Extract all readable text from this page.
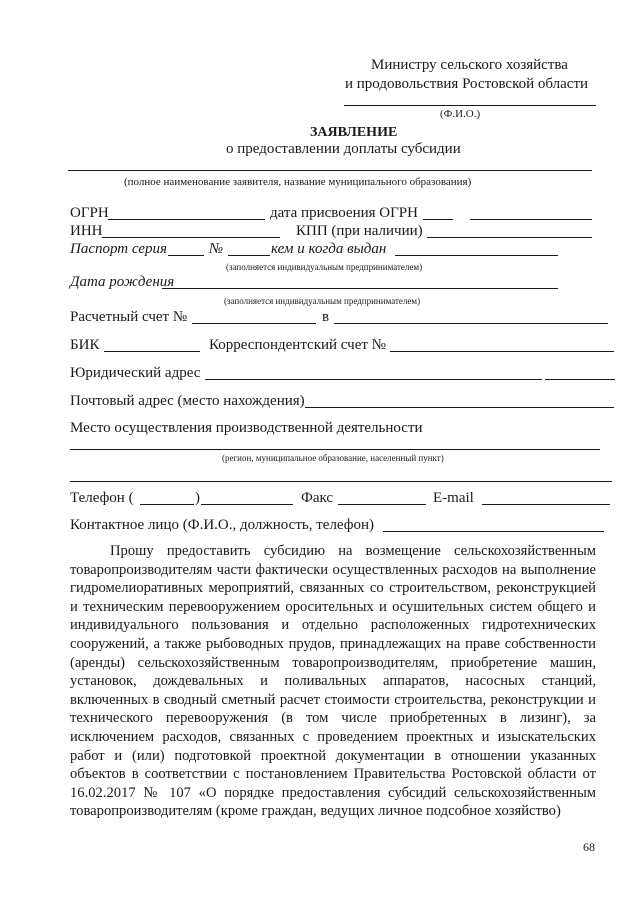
Министру сельского хозяйства
и продовольствия Ростовской области
(Ф.И.О.)
ЗАЯВЛЕНИЕ
о предоставлении доплаты субсидии
(полное наименование заявителя, название муниципального образования)
ОГРН	дата присвоения ОГРН
ИНН	КПП (при наличии)
Паспорт серия	№	кем и когда выдан
(заполняется индивидуальным предпринимателем)
Дата рождения
(заполняется индивидуальным предпринимателем)
Расчетный счет №	в
БИК	Корреспондентский счет №
Юридический адрес
Почтовый адрес (место нахождения)
Место осуществления производственной деятельности
(регион, муниципальное образование, населенный пункт)
Телефон (	)	Факс	E-mail
Контактное лицо (Ф.И.О., должность, телефон)
Прошу предоставить субсидию на возмещение сельскохозяйственным товаропроизводителям части фактически осуществленных расходов на выполнение гидромелиоративных мероприятий, связанных со строительством, реконструкцией и техническим перевооружением оросительных и осушительных систем общего и индивидуального пользования и отдельно расположенных гидротехнических сооружений, а также рыбоводных прудов, принадлежащих на праве собственности (аренды) сельскохозяйственным товаропроизводителям, приобретение машин, установок, дождевальных и поливальных аппаратов, насосных станций, включенных в сводный сметный расчет стоимости строительства, реконструкции и технического перевооружения (в том числе приобретенных в лизинг), за исключением расходов, связанных с проведением проектных и изыскательских работ и (или) подготовкой проектной документации в отношении указанных объектов в соответствии с постановлением Правительства Ростовской области от 16.02.2017 № 107 «О порядке предоставления субсидий сельскохозяйственным товаропроизводителям (кроме граждан, ведущих личное подсобное хозяйство)
68
